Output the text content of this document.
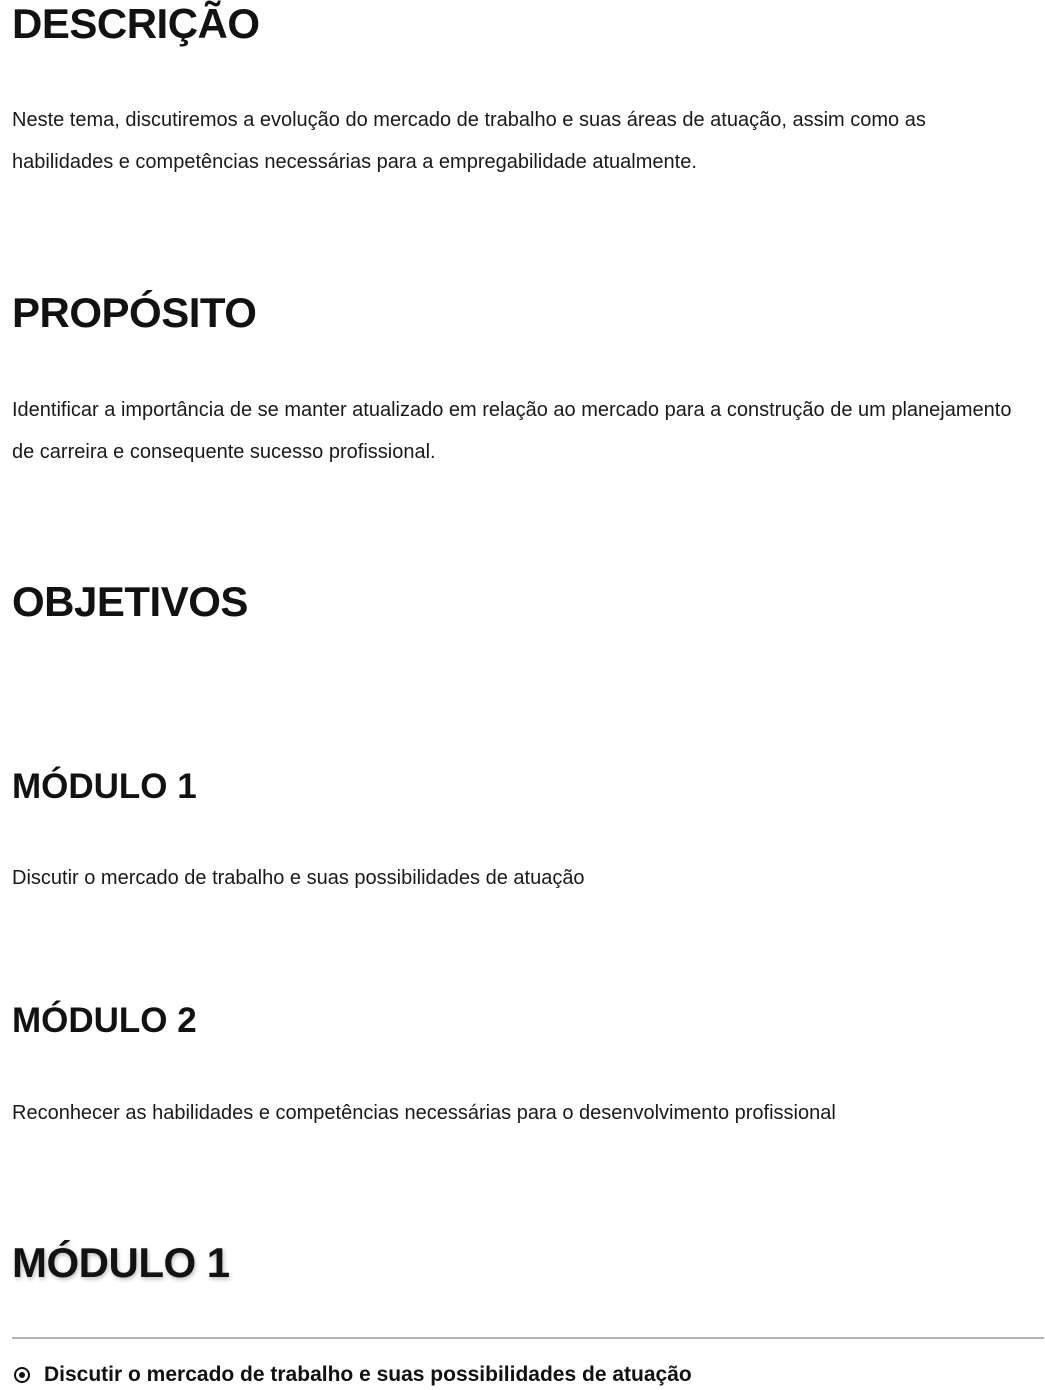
DESCRIÇÃO

Neste tema, discutiremos a evolução do mercado de trabalho e suas áreas de atuação, assim como as habilidades e competências necessárias para a empregabilidade atualmente.

PROPÓSITO

Identificar a importância de se manter atualizado em relação ao mercado para a construção de um planejamento de carreira e consequente sucesso profissional.

OBJETIVOS
MÓDULO 1

Discutir o mercado de trabalho e suas possibilidades de atuação

MÓDULO 2

Reconhecer as habilidades e competências necessárias para o desenvolvimento profissional

MÓDULO 1
Discutir o mercado de trabalho e suas possibilidades de atuação
